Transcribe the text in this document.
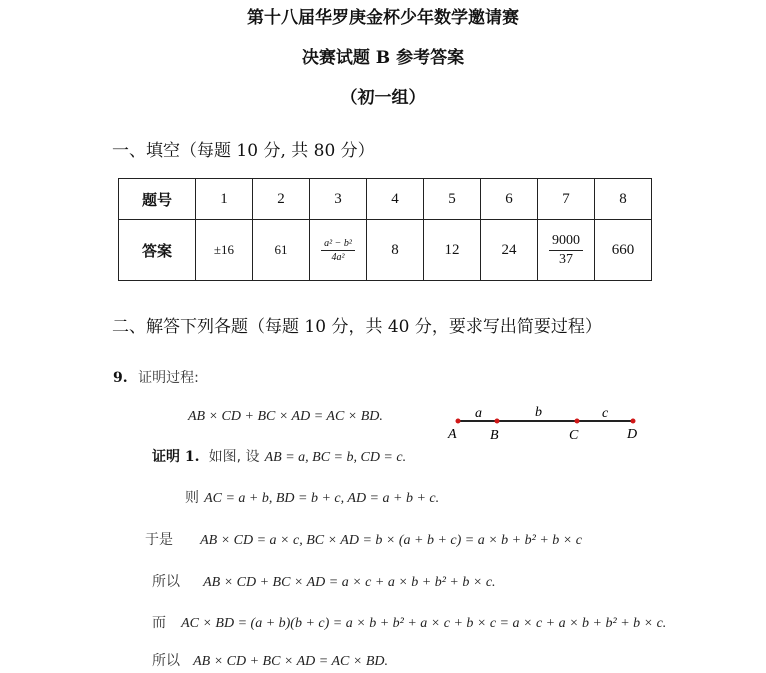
第十八届华罗庚金杯少年数学邀请赛
决赛试题 B 参考答案
（初一组）
一、填空（每题 10 分, 共 80 分）
题号	1	2	3	4	5	6	7	8
答案	±16	61	$\frac{\text{a² − b²}}{\text{4a²}}$	8	12	24	$\frac{9000}{37}$	660
二、解答下列各题（每题 10 分，共 40 分，要求写出简要过程）
9. 证明过程:
AB × CD + BC × AD = AC × BD.	a	b	c
A B	C	D
证明 1. 如图, 设 AB = a, BC = b, CD = c.
则 AC = a + b, BD = b + c, AD = a + b + c.
于是 AB × CD = a × c, BC × AD = b × (a + b + c) = a × b + b² + b × c
所以 AB × CD + BC × AD = a × c + a × b + b² + b × c.
而 AC × BD = (a + b)(b + c) = a × b + b² + a × c + b × c = a × c + a × b + b² + b × c.
所以 AB × CD + BC × AD = AC × BD.
